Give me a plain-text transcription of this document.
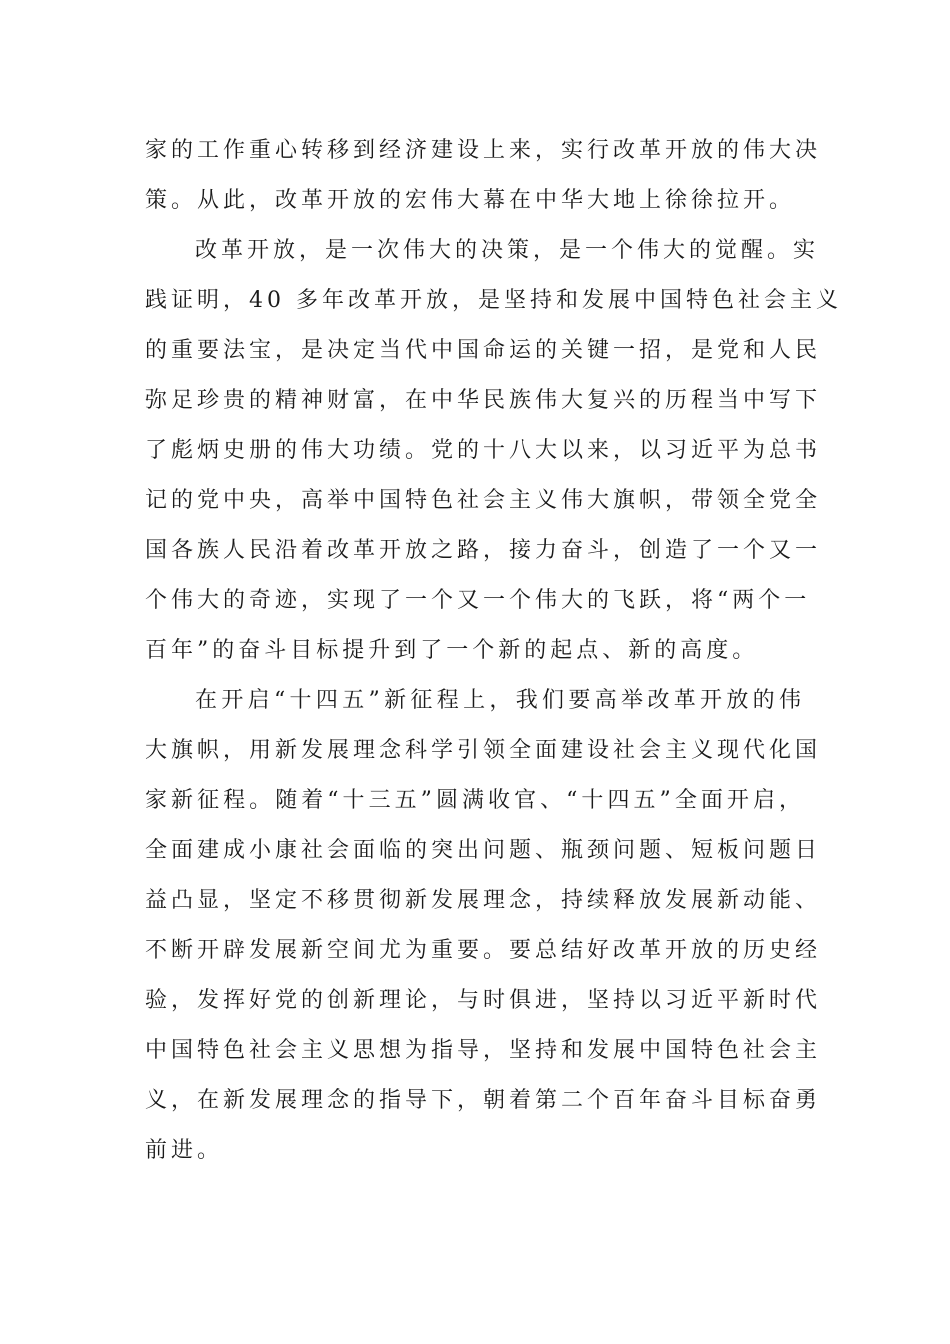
家的工作重心转移到经济建设上来，实行改革开放的伟大决
策。从此，改革开放的宏伟大幕在中华大地上徐徐拉开。
改革开放，是一次伟大的决策，是一个伟大的觉醒。实
践证明，40 多年改革开放，是坚持和发展中国特色社会主义
的重要法宝，是决定当代中国命运的关键一招，是党和人民
弥足珍贵的精神财富，在中华民族伟大复兴的历程当中写下
了彪炳史册的伟大功绩。党的十八大以来，以习近平为总书
记的党中央，高举中国特色社会主义伟大旗帜，带领全党全
国各族人民沿着改革开放之路，接力奋斗，创造了一个又一
个伟大的奇迹，实现了一个又一个伟大的飞跃，将“两个一
百年”的奋斗目标提升到了一个新的起点、新的高度。
在开启“十四五”新征程上，我们要高举改革开放的伟
大旗帜，用新发展理念科学引领全面建设社会主义现代化国
家新征程。随着“十三五”圆满收官、“十四五”全面开启，
全面建成小康社会面临的突出问题、瓶颈问题、短板问题日
益凸显，坚定不移贯彻新发展理念，持续释放发展新动能、
不断开辟发展新空间尤为重要。要总结好改革开放的历史经
验，发挥好党的创新理论，与时俱进，坚持以习近平新时代
中国特色社会主义思想为指导，坚持和发展中国特色社会主
义，在新发展理念的指导下，朝着第二个百年奋斗目标奋勇
前进。
